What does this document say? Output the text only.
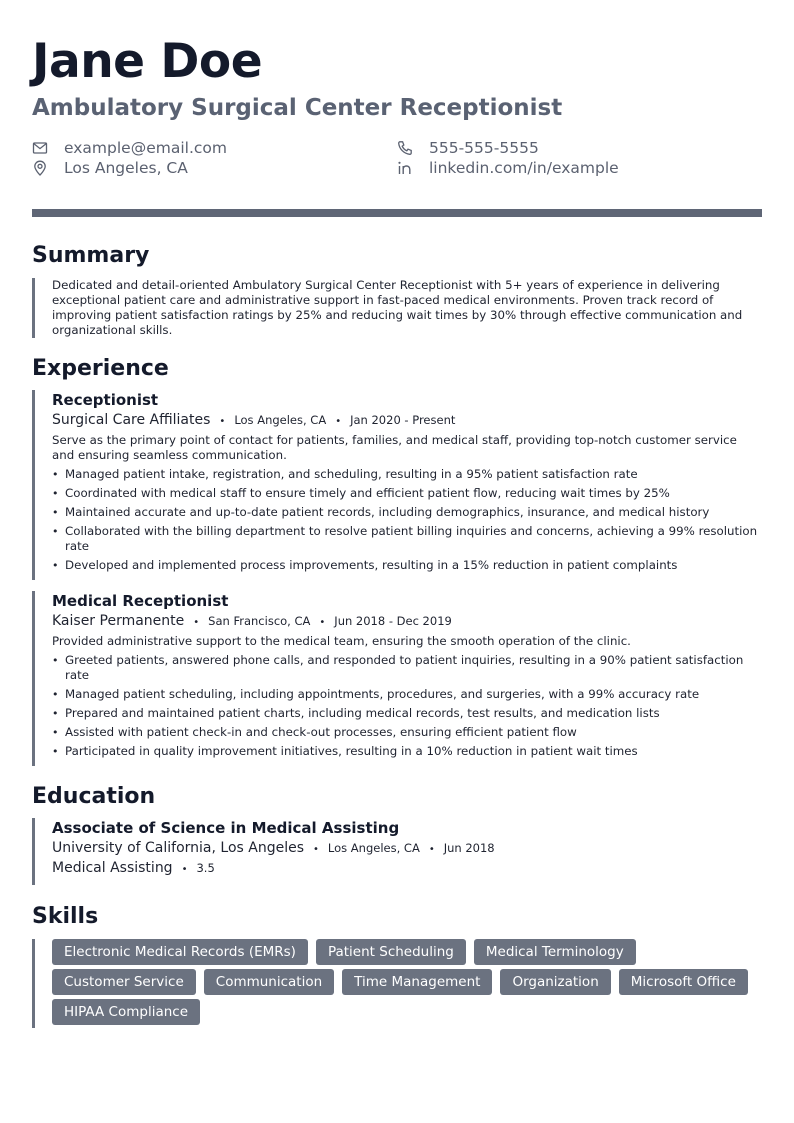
Jane Doe
Ambulatory Surgical Center Receptionist
example@email.com	555-555-5555
Los Angeles, CA	linkedin.com/in/example
Summary
Dedicated and detail-oriented Ambulatory Surgical Center Receptionist with 5+ years of experience in delivering exceptional patient care and administrative support in fast-paced medical environments. Proven track record of improving patient satisfaction ratings by 25% and reducing wait times by 30% through effective communication and organizational skills.
Experience
Receptionist
Surgical Care Affiliates • Los Angeles, CA • Jan 2020 - Present
Serve as the primary point of contact for patients, families, and medical staff, providing top-notch customer service and ensuring seamless communication.
• Managed patient intake, registration, and scheduling, resulting in a 95% patient satisfaction rate
• Coordinated with medical staff to ensure timely and efficient patient flow, reducing wait times by 25%
• Maintained accurate and up-to-date patient records, including demographics, insurance, and medical history
• Collaborated with the billing department to resolve patient billing inquiries and concerns, achieving a 99% resolution rate
• Developed and implemented process improvements, resulting in a 15% reduction in patient complaints
Medical Receptionist
Kaiser Permanente • San Francisco, CA • Jun 2018 - Dec 2019
Provided administrative support to the medical team, ensuring the smooth operation of the clinic.
• Greeted patients, answered phone calls, and responded to patient inquiries, resulting in a 90% patient satisfaction rate
• Managed patient scheduling, including appointments, procedures, and surgeries, with a 99% accuracy rate
• Prepared and maintained patient charts, including medical records, test results, and medication lists
• Assisted with patient check-in and check-out processes, ensuring efficient patient flow
• Participated in quality improvement initiatives, resulting in a 10% reduction in patient wait times
Education
Associate of Science in Medical Assisting
University of California, Los Angeles • Los Angeles, CA • Jun 2018
Medical Assisting • 3.5
Skills
Electronic Medical Records (EMRs)	Patient Scheduling	Medical Terminology
Customer Service	Communication	Time Management	Organization	Microsoft Office
HIPAA Compliance
